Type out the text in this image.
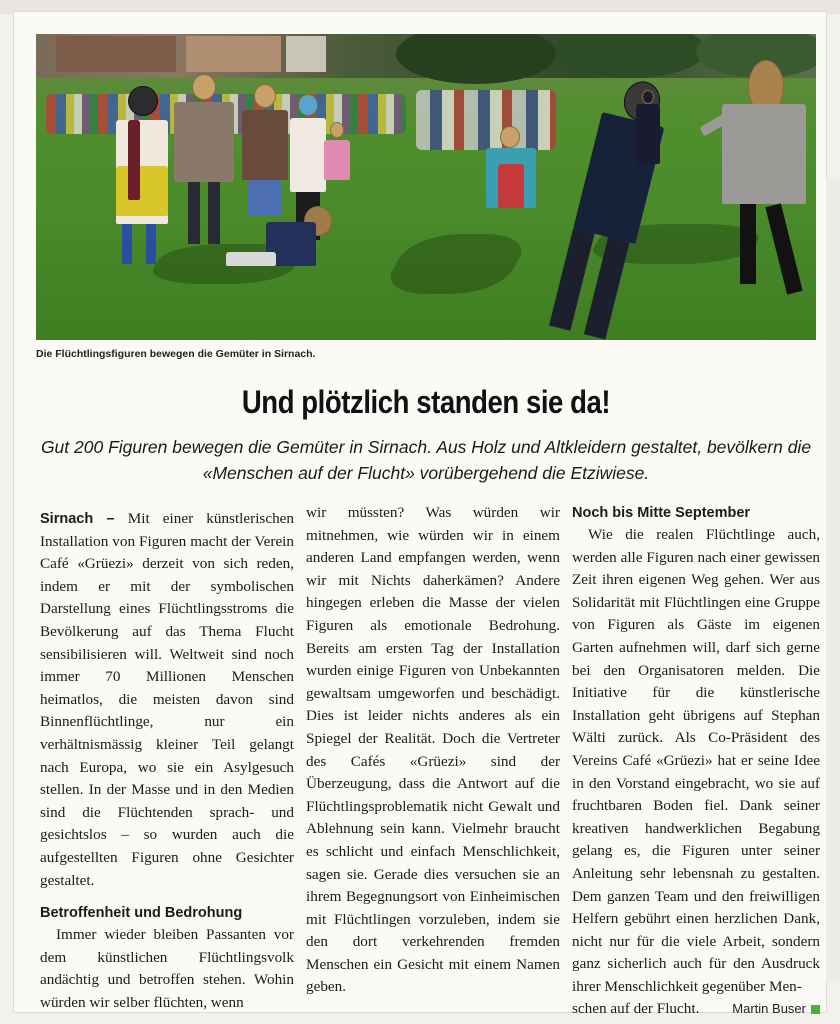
Die Flüchtlingsfiguren bewegen die Gemüter in Sirnach.
Und plötzlich standen sie da!
Gut 200 Figuren bewegen die Gemüter in Sirnach. Aus Holz und Altkleidern gestaltet, bevölkern die «Menschen auf der Flucht» vorübergehend die Etziwiese.

Sirnach – Mit einer künstlerischen Installation von Figuren macht der Verein Café «Grüezi» derzeit von sich reden, indem er mit der symbolischen Darstellung eines Flüchtlingsstroms die Bevölkerung auf das Thema Flucht sensibilisieren will. Weltweit sind noch immer 70 Millionen Menschen heimatlos, die meisten davon sind Binnenflüchtlinge, nur ein verhältnismässig kleiner Teil gelangt nach Europa, wo sie ein Asylgesuch stellen. In der Masse und in den Medien sind die Flüchtenden sprach- und gesichtslos – so wurden auch die aufgestellten Figuren ohne Gesichter gestaltet.

Betroffenheit und Bedrohung

Immer wieder bleiben Passanten vor dem künstlichen Flüchtlingsvolk andächtig und betroffen stehen. Wohin würden wir selber flüchten, wenn

wir müssten? Was würden wir mitnehmen, wie würden wir in einem anderen Land empfangen werden, wenn wir mit Nichts daherkämen? Andere hingegen erleben die Masse der vielen Figuren als emotionale Bedrohung. Bereits am ersten Tag der Installation wurden einige Figuren von Unbekannten gewaltsam umgeworfen und beschädigt. Dies ist leider nichts anderes als ein Spiegel der Realität. Doch die Vertreter des Cafés «Grüezi» sind der Überzeugung, dass die Antwort auf die Flüchtlingsproblematik nicht Gewalt und Ablehnung sein kann. Vielmehr braucht es schlicht und einfach Menschlichkeit, sagen sie. Gerade dies versuchen sie an ihrem Begegnungsort von Einheimischen mit Flüchtlingen vorzuleben, indem sie den dort verkehrenden fremden Menschen ein Gesicht mit einem Namen geben.

Noch bis Mitte September

Wie die realen Flüchtlinge auch, werden alle Figuren nach einer gewissen Zeit ihren eigenen Weg gehen. Wer aus Solidarität mit Flüchtlingen eine Gruppe von Figuren als Gäste im eigenen Garten aufnehmen will, darf sich gerne bei den Organisatoren melden. Die Initiative für die künstlerische Installation geht übrigens auf Stephan Wälti zurück. Als Co-Präsident des Vereins Café «Grüezi» hat er seine Idee in den Vorstand eingebracht, wo sie auf fruchtbaren Boden fiel. Dank seiner kreativen handwerklichen Begabung gelang es, die Figuren unter seiner Anleitung sehr lebensnah zu gestalten. Dem ganzen Team und den freiwilligen Helfern gebührt einen herzlichen Dank, nicht nur für die viele Arbeit, sondern ganz sicherlich auch für den Ausdruck ihrer Menschlichkeit gegenüber Men-

schen auf der Flucht.	Martin Buser
